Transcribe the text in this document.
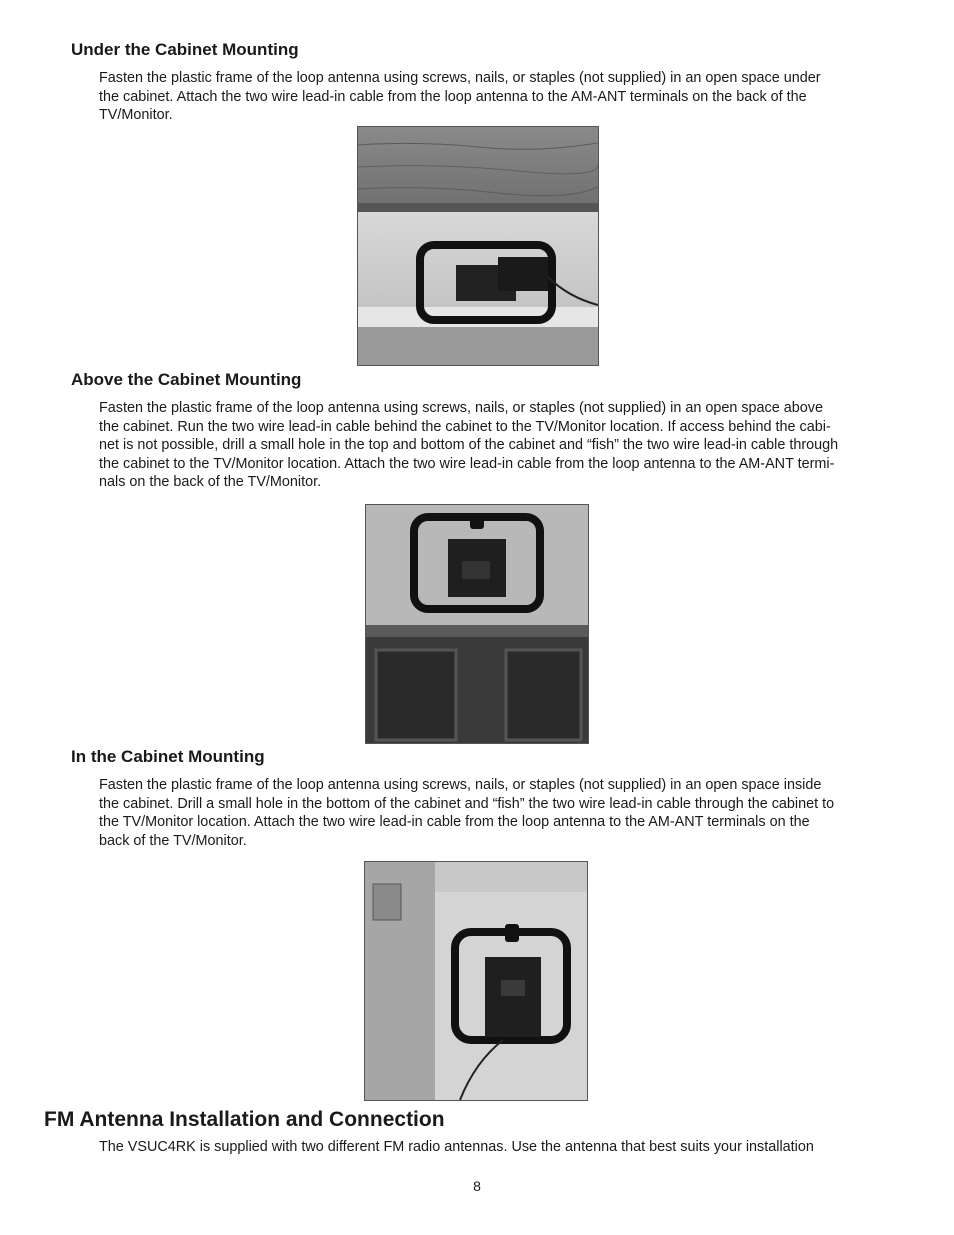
Under the Cabinet Mounting

Fasten the plastic frame of the loop antenna using screws, nails, or staples (not supplied) in an open space under
the cabinet. Attach the two wire lead-in cable from the loop antenna to the AM-ANT terminals on the back of the
TV/Monitor.

Above the Cabinet Mounting

Fasten the plastic frame of the loop antenna using screws, nails, or staples (not supplied) in an open space above
the cabinet. Run the two wire lead-in cable behind the cabinet to the TV/Monitor location. If access behind the cabi-
net is not possible, drill a small hole in the top and bottom of the cabinet and “fish” the two wire lead-in cable through
the cabinet to the TV/Monitor location. Attach the two wire lead-in cable from the loop antenna to the AM-ANT termi-
nals on the back of the TV/Monitor.

In the Cabinet Mounting

Fasten the plastic frame of the loop antenna using screws, nails, or staples (not supplied) in an open space inside
the cabinet. Drill a small hole in the bottom of the cabinet and “fish” the two wire lead-in cable through the cabinet to
the TV/Monitor location. Attach the two wire lead-in cable from the loop antenna to the AM-ANT terminals on the
back of the TV/Monitor.

FM Antenna Installation and Connection

The VSUC4RK is supplied with two different FM radio antennas. Use the antenna that best suits your installation

8
